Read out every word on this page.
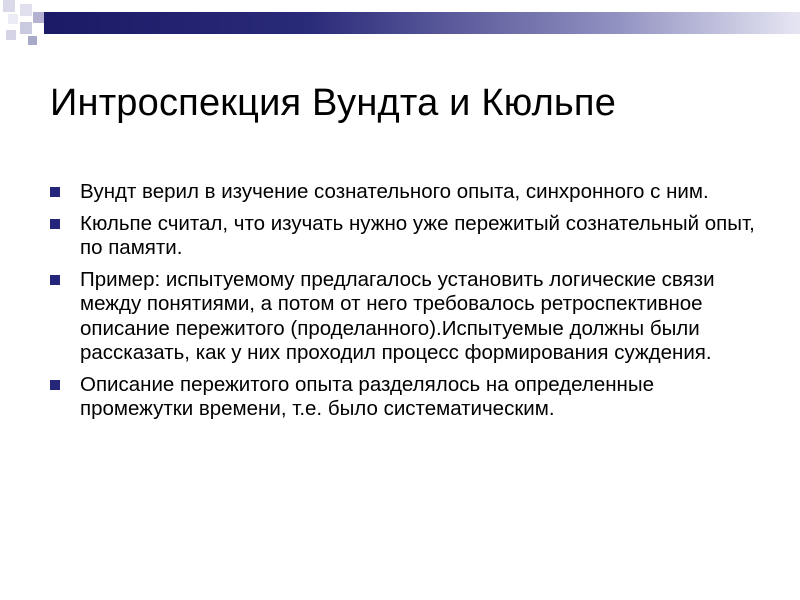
Интроспекция Вундта и Кюльпе
Вундт верил в изучение сознательного опыта, синхронного с ним.
Кюльпе считал, что изучать нужно уже пережитый сознательный опыт, по памяти.
Пример: испытуемому предлагалось установить логические связи между понятиями, а потом от него требовалось ретроспективное описание пережитого (проделанного).Испытуемые должны были рассказать, как у них проходил процесс формирования суждения.
Описание пережитого опыта разделялось на определенные промежутки времени, т.е. было систематическим.
